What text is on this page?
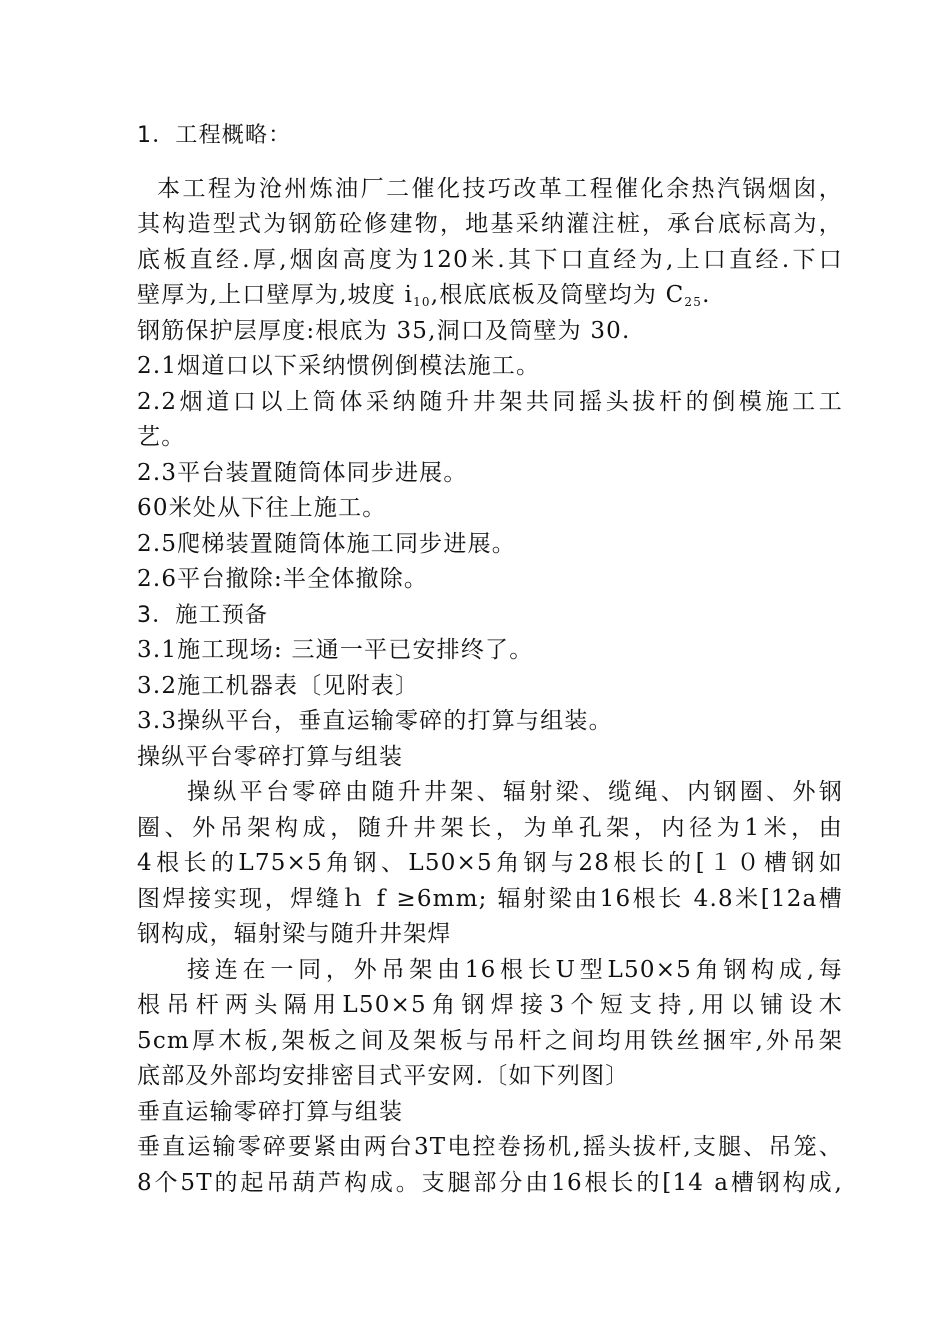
1．工程概略：
本工程为沧州炼油厂二催化技巧改革工程催化余热汽锅烟囱，
其构造型式为钢筋砼修建物，地基采纳灌注桩，承台底标高为，
底板直经.厚,烟囱高度为120米.其下口直经为,上口直经.下口
壁厚为,上口壁厚为,坡度 $i_{10}$,根底底板及筒壁均为 $C_{25}$.
钢筋保护层厚度:根底为 35,洞口及筒壁为 30.
2.1烟道口以下采纳惯例倒模法施工。
2.2烟道口以上筒体采纳随升井架共同摇头拔杆的倒模施工工
艺。
2.3平台装置随筒体同步进展。
60米处从下往上施工。
2.5爬梯装置随筒体施工同步进展。
2.6平台撤除:半全体撤除。
3．施工预备
3.1施工现场: 三通一平已安排终了。
3.2施工机器表〔见附表〕
3.3操纵平台，垂直运输零碎的打算与组装。
操纵平台零碎打算与组装
操纵平台零碎由随升井架、辐射梁、缆绳、内钢圈、外钢
圈、外吊架构成，随升井架长，为单孔架，内径为1米，由
4根长的L75×5角钢、L50×5角钢与28根长的[１０槽钢如
图焊接实现，焊缝ｈ f ≥6mm; 辐射梁由16根长 4.8米[12a槽
钢构成，辐射梁与随升井架焊
接连在一同，外吊架由16根长U型L50×5角钢构成,每
根吊杆两头隔用L50×5角钢焊接3个短支持,用以铺设木
5cm厚木板,架板之间及架板与吊杆之间均用铁丝捆牢,外吊架
底部及外部均安排密目式平安网.〔如下列图〕
垂直运输零碎打算与组装
垂直运输零碎要紧由两台3T电控卷扬机,摇头拔杆,支腿、吊笼、
8个5T的起吊葫芦构成。支腿部分由16根长的[14 a槽钢构成,
